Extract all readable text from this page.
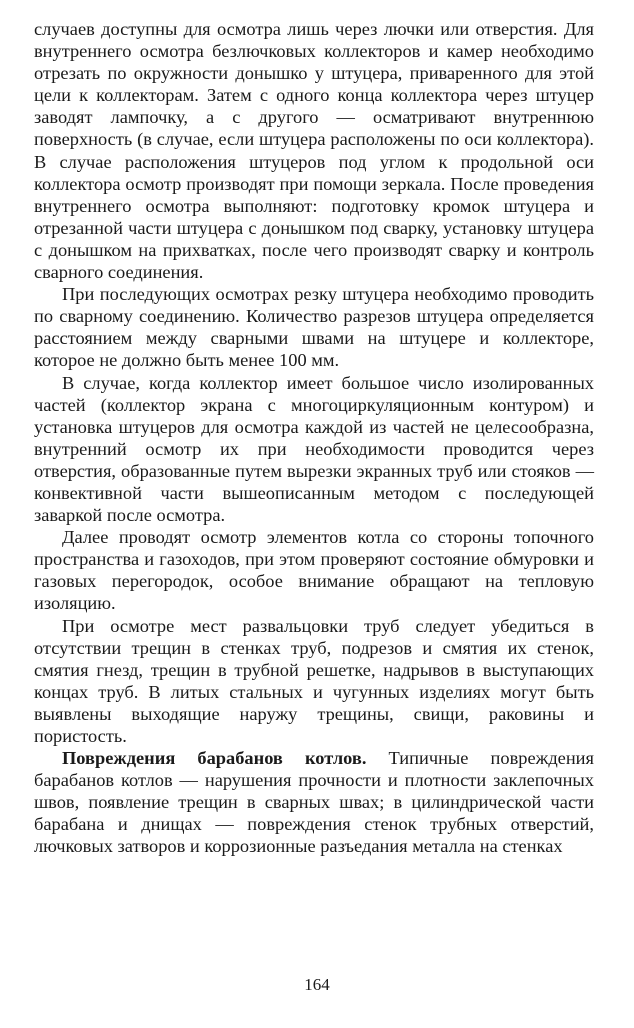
случаев доступны для осмотра лишь через лючки или отверстия. Для внутреннего осмотра безлючковых коллекторов и камер необходимо отрезать по окружности донышко у штуцера, приваренного для этой цели к коллекторам. Затем с одного конца коллектора через штуцер заводят лампочку, а с другого — осматривают внутреннюю поверхность (в случае, если штуцера расположены по оси коллектора). В случае расположения штуцеров под углом к продольной оси коллектора осмотр производят при помощи зеркала. После проведения внутреннего осмотра выполняют: подготовку кромок штуцера и отрезанной части штуцера с донышком под сварку, установку штуцера с донышком на прихватках, после чего производят сварку и контроль сварного соединения.

При последующих осмотрах резку штуцера необходимо проводить по сварному соединению. Количество разрезов штуцера определяется расстоянием между сварными швами на штуцере и коллекторе, которое не должно быть менее 100 мм.

В случае, когда коллектор имеет большое число изолированных частей (коллектор экрана с многоциркуляционным контуром) и установка штуцеров для осмотра каждой из частей не целесообразна, внутренний осмотр их при необходимости проводится через отверстия, образованные путем вырезки экранных труб или стояков — конвективной части вышеописанным методом с последующей заваркой после осмотра.

Далее проводят осмотр элементов котла со стороны топочного пространства и газоходов, при этом проверяют состояние обмуровки и газовых перегородок, особое внимание обращают на тепловую изоляцию.

При осмотре мест развальцовки труб следует убедиться в отсутствии трещин в стенках труб, подрезов и смятия их стенок, смятия гнезд, трещин в трубной решетке, надрывов в выступающих концах труб. В литых стальных и чугунных изделиях могут быть выявлены выходящие наружу трещины, свищи, раковины и пористость.

Повреждения барабанов котлов. Типичные повреждения барабанов котлов — нарушения прочности и плотности заклепочных швов, появление трещин в сварных швах; в цилиндрической части барабана и днищах — повреждения стенок трубных отверстий, лючковых затворов и коррозионные разъедания металла на стенках

164
